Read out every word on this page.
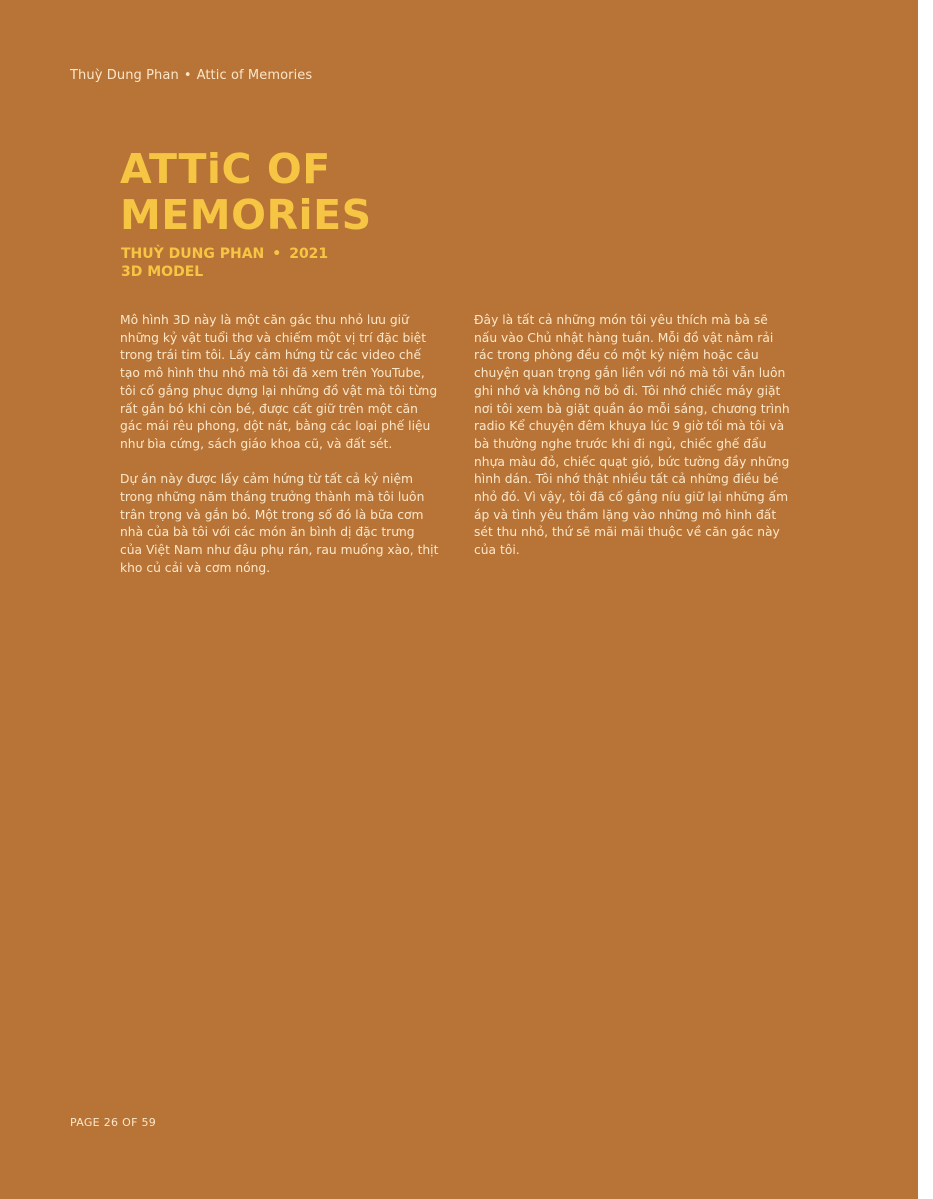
Thuỳ Dung Phan • Attic of Memories
ATTiC OF
MEMORiES
THUỲ DUNG PHAN • 2021
3D MODEL

Mô hình 3D này là một căn gác thu nhỏ lưu giữ những kỷ vật tuổi thơ và chiếm một vị trí đặc biệt trong trái tim tôi. Lấy cảm hứng từ các video chế tạo mô hình thu nhỏ mà tôi đã xem trên YouTube, tôi cố gắng phục dựng lại những đồ vật mà tôi từng rất gắn bó khi còn bé, được cất giữ trên một căn gác mái rêu phong, dột nát, bằng các loại phế liệu như bìa cứng, sách giáo khoa cũ, và đất sét.

Dự án này được lấy cảm hứng từ tất cả kỷ niệm trong những năm tháng trưởng thành mà tôi luôn trân trọng và gắn bó. Một trong số đó là bữa cơm nhà của bà tôi với các món ăn bình dị đặc trưng của Việt Nam như đậu phụ rán, rau muống xào, thịt kho củ cải và cơm nóng.

Đây là tất cả những món tôi yêu thích mà bà sẽ nấu vào Chủ nhật hàng tuần. Mỗi đồ vật nằm rải rác trong phòng đều có một kỷ niệm hoặc câu chuyện quan trọng gắn liền với nó mà tôi vẫn luôn ghi nhớ và không nỡ bỏ đi. Tôi nhớ chiếc máy giặt nơi tôi xem bà giặt quần áo mỗi sáng, chương trình radio Kể chuyện đêm khuya lúc 9 giờ tối mà tôi và bà thường nghe trước khi đi ngủ, chiếc ghế đẩu nhựa màu đỏ, chiếc quạt gió, bức tường đầy những hình dán. Tôi nhớ thật nhiều tất cả những điều bé nhỏ đó. Vì vậy, tôi đã cố gắng níu giữ lại những ấm áp và tình yêu thầm lặng vào những mô hình đất sét thu nhỏ, thứ sẽ mãi mãi thuộc về căn gác này của tôi.

PAGE 26 OF 59
